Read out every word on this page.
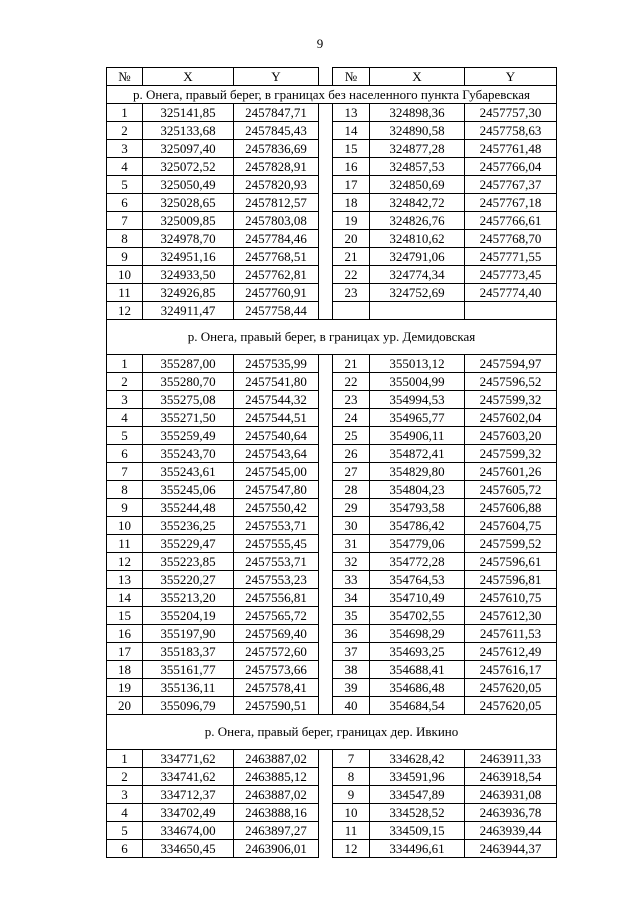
9
№	X	Y		№	X	Y
р. Онега, правый берег, в границах без населенного пункта Губаревская						
1	325141,85	2457847,71		13	324898,36	2457757,30
2	325133,68	2457845,43		14	324890,58	2457758,63
3	325097,40	2457836,69		15	324877,28	2457761,48
4	325072,52	2457828,91		16	324857,53	2457766,04
5	325050,49	2457820,93		17	324850,69	2457767,37
6	325028,65	2457812,57		18	324842,72	2457767,18
7	325009,85	2457803,08		19	324826,76	2457766,61
8	324978,70	2457784,46		20	324810,62	2457768,70
9	324951,16	2457768,51		21	324791,06	2457771,55
10	324933,50	2457762,81		22	324774,34	2457773,45
11	324926,85	2457760,91		23	324752,69	2457774,40
12	324911,47	2457758,44				
р. Онега, правый берег, в границах ур. Демидовская						
1	355287,00	2457535,99		21	355013,12	2457594,97
2	355280,70	2457541,80		22	355004,99	2457596,52
3	355275,08	2457544,32		23	354994,53	2457599,32
4	355271,50	2457544,51		24	354965,77	2457602,04
5	355259,49	2457540,64		25	354906,11	2457603,20
6	355243,70	2457543,64		26	354872,41	2457599,32
7	355243,61	2457545,00		27	354829,80	2457601,26
8	355245,06	2457547,80		28	354804,23	2457605,72
9	355244,48	2457550,42		29	354793,58	2457606,88
10	355236,25	2457553,71		30	354786,42	2457604,75
11	355229,47	2457555,45		31	354779,06	2457599,52
12	355223,85	2457553,71		32	354772,28	2457596,61
13	355220,27	2457553,23		33	354764,53	2457596,81
14	355213,20	2457556,81		34	354710,49	2457610,75
15	355204,19	2457565,72		35	354702,55	2457612,30
16	355197,90	2457569,40		36	354698,29	2457611,53
17	355183,37	2457572,60		37	354693,25	2457612,49
18	355161,77	2457573,66		38	354688,41	2457616,17
19	355136,11	2457578,41		39	354686,48	2457620,05
20	355096,79	2457590,51		40	354684,54	2457620,05
р. Онега, правый берег, границах дер. Ивкино						
1	334771,62	2463887,02		7	334628,42	2463911,33
2	334741,62	2463885,12		8	334591,96	2463918,54
3	334712,37	2463887,02		9	334547,89	2463931,08
4	334702,49	2463888,16		10	334528,52	2463936,78
5	334674,00	2463897,27		11	334509,15	2463939,44
6	334650,45	2463906,01		12	334496,61	2463944,37
